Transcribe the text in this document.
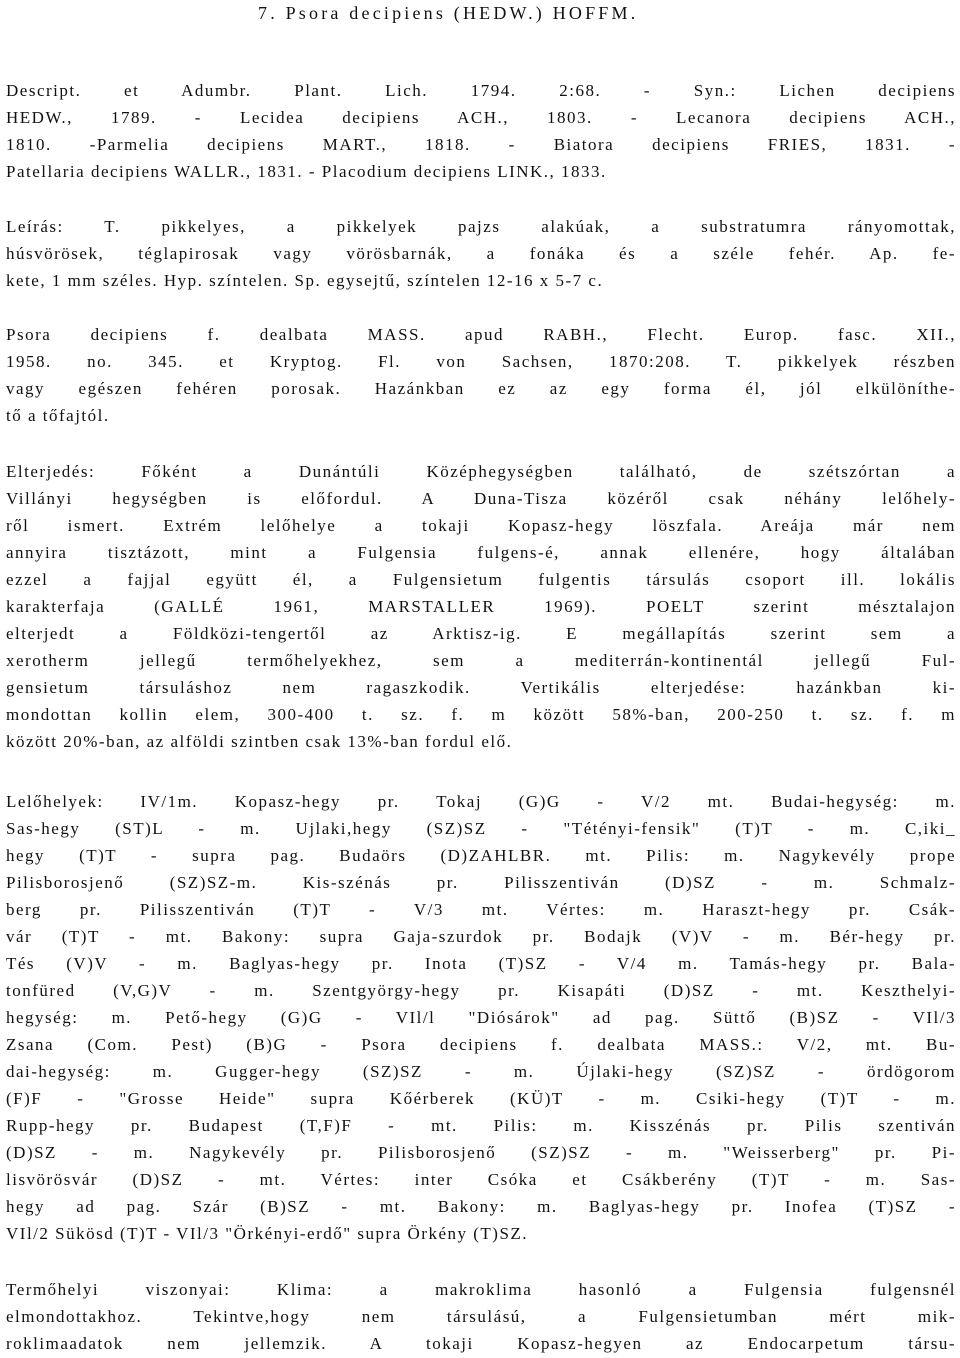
7. Psora decipiens (HEDW.) HOFFM.
Descript. et Adumbr. Plant. Lich. 1794. 2:68. - Syn.: Lichen decipiens
HEDW., 1789. - Lecidea decipiens ACH., 1803. - Lecanora decipiens ACH.,
1810. -Parmelia decipiens MART., 1818. - Biatora decipiens FRIES, 1831. -
Patellaria decipiens WALLR., 1831. - Placodium decipiens LINK., 1833.
Leírás: T. pikkelyes, a pikkelyek pajzs alakúak, a substratumra rányomottak,
húsvörösek, téglapirosak vagy vörösbarnák, a fonáka és a széle fehér. Ap. fe-
kete, 1 mm széles. Hyp. színtelen. Sp. egysejtű, színtelen 12-16 x 5-7 c.
Psora decipiens f. dealbata MASS. apud RABH., Flecht. Europ. fasc. XII.,
1958. no. 345. et Kryptog. Fl. von Sachsen, 1870:208. T. pikkelyek részben
vagy egészen fehéren porosak. Hazánkban ez az egy forma él, jól elkülöníthe-
tő a tőfajtól.
Elterjedés: Főként a Dunántúli Középhegységben található, de szétszórtan a
Villányi hegységben is előfordul. A Duna-Tisza közéről csak néhány lelőhely-
ről ismert. Extrém lelőhelye a tokaji Kopasz-hegy löszfala. Areája már nem
annyira tisztázott, mint a Fulgensia fulgens-é, annak ellenére, hogy általában
ezzel a fajjal együtt él, a Fulgensietum fulgentis társulás csoport ill. lokális
karakterfaja (GALLÉ 1961, MARSTALLER 1969). POELT szerint mésztalajon
elterjedt a Földközi-tengertől az Arktisz-ig. E megállapítás szerint sem a
xerotherm jellegű termőhelyekhez, sem a mediterrán-kontinentál jellegű Ful-
gensietum társuláshoz nem ragaszkodik. Vertikális elterjedése: hazánkban ki-
mondottan kollin elem, 300-400 t. sz. f. m között 58%-ban, 200-250 t. sz. f. m
között 20%-ban, az alföldi szintben csak 13%-ban fordul elő.
Lelőhelyek: IV/1m. Kopasz-hegy pr. Tokaj (G)G - V/2 mt. Budai-hegység: m.
Sas-hegy (ST)L - m. Ujlaki,hegy (SZ)SZ - "Tétényi-fensik" (T)T - m. C,iki_
hegy (T)T - supra pag. Budaörs (D)ZAHLBR. mt. Pilis: m. Nagykevély prope
Pilisborosjenő (SZ)SZ-m. Kis-szénás pr. Pilisszentiván (D)SZ - m. Schmalz-
berg pr. Pilisszentiván (T)T - V/3 mt. Vértes: m. Haraszt-hegy pr. Csák-
vár (T)T - mt. Bakony: supra Gaja-szurdok pr. Bodajk (V)V - m. Bér-hegy pr.
Tés (V)V - m. Baglyas-hegy pr. Inota (T)SZ - V/4 m. Tamás-hegy pr. Bala-
tonfüred (V,G)V - m. Szentgyörgy-hegy pr. Kisapáti (D)SZ - mt. Keszthelyi-
hegység: m. Pető-hegy (G)G - VIl/l "Diósárok" ad pag. Süttő (B)SZ - VIl/3
Zsana (Com. Pest) (B)G - Psora decipiens f. dealbata MASS.: V/2, mt. Bu-
dai-hegység: m. Gugger-hegy (SZ)SZ - m. Újlaki-hegy (SZ)SZ - ördögorom
(F)F - "Grosse Heide" supra Kőérberek (KÜ)T - m. Csiki-hegy (T)T - m.
Rupp-hegy pr. Budapest (T,F)F - mt. Pilis: m. Kisszénás pr. Pilis szentiván
(D)SZ - m. Nagykevély pr. Pilisborosjenő (SZ)SZ - m. "Weisserberg" pr. Pi-
lisvörösvár (D)SZ - mt. Vértes: inter Csóka et Csákberény (T)T - m. Sas-
hegy ad pag. Szár (B)SZ - mt. Bakony: m. Baglyas-hegy pr. Inofea (T)SZ -
VIl/2 Sükösd (T)T - VIl/3 "Örkényi-erdő" supra Örkény (T)SZ.
Termőhelyi viszonyai: Klima: a makroklima hasonló a Fulgensia fulgensnél
elmondottakhoz. Tekintve,hogy nem társulású, a Fulgensietumban mért mik-
roklimaadatok nem jellemzik. A tokaji Kopasz-hegyen az Endocarpetum társu-
